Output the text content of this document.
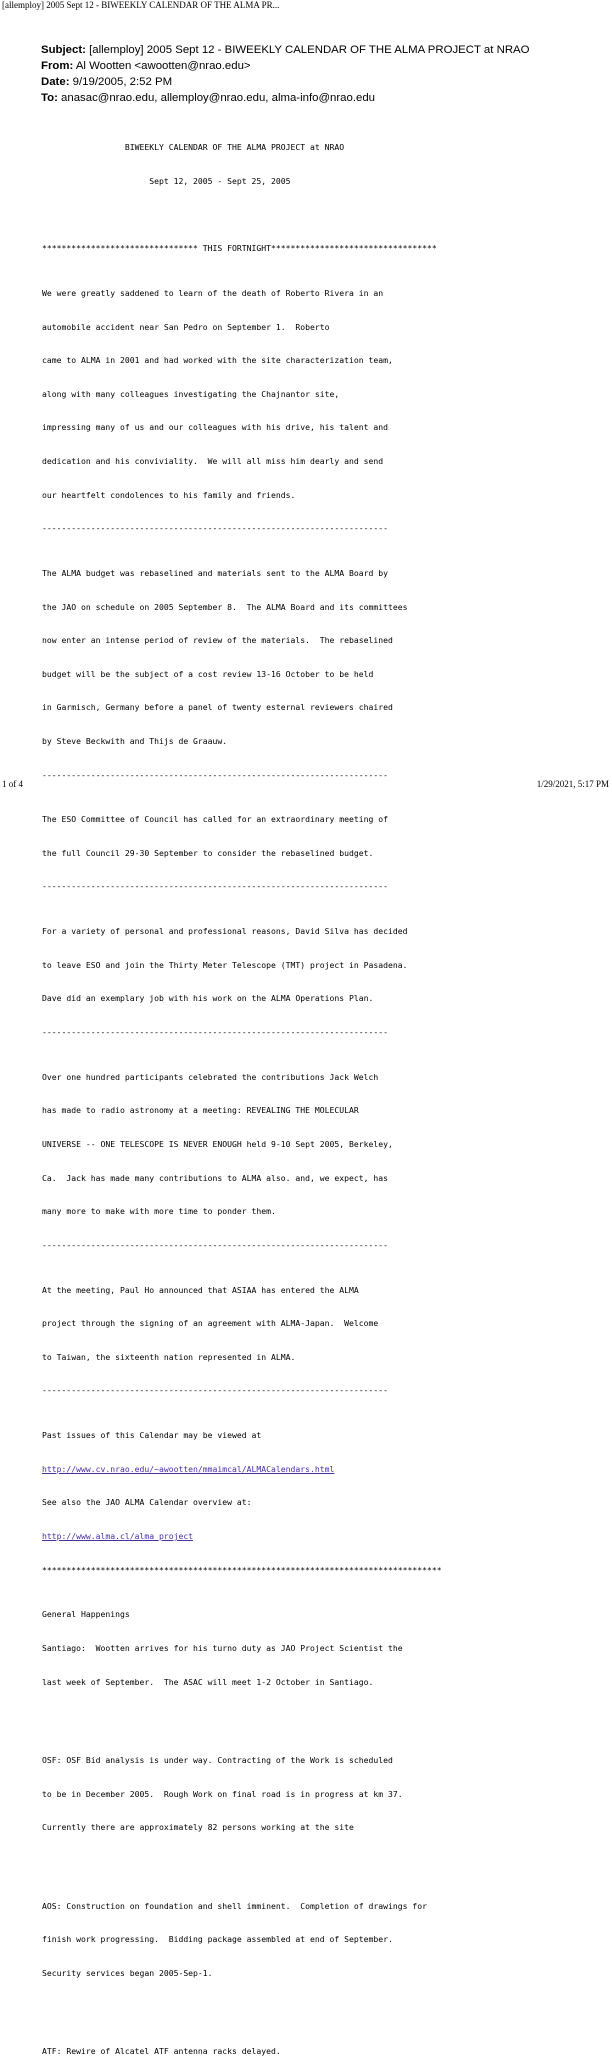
[allemploy] 2005 Sept 12 - BIWEEKLY CALENDAR OF THE ALMA PR...
Subject: [allemploy] 2005 Sept 12 - BIWEEKLY CALENDAR OF THE ALMA PROJECT at NRAO
From: Al Wootten <awootten@nrao.edu>
Date: 9/19/2005, 2:52 PM
To: anasac@nrao.edu, allemploy@nrao.edu, alma-info@nrao.edu

BIWEEKLY CALENDAR OF THE ALMA PROJECT at NRAO

Sept 12, 2005 - Sept 25, 2005

******************************** THIS FORTNIGHT**********************************

We were greatly saddened to learn of the death of Roberto Rivera in an

automobile accident near San Pedro on September 1.  Roberto

came to ALMA in 2001 and had worked with the site characterization team,

along with many colleagues investigating the Chajnantor site,

impressing many of us and our colleagues with his drive, his talent and

dedication and his conviviality.  We will all miss him dearly and send

our heartfelt condolences to his family and friends.

-----------------------------------------------------------------------

The ALMA budget was rebaselined and materials sent to the ALMA Board by

the JAO on schedule on 2005 September 8.  The ALMA Board and its committees

now enter an intense period of review of the materials.  The rebaselined

budget will be the subject of a cost review 13-16 October to be held

in Garmisch, Germany before a panel of twenty esternal reviewers chaired

by Steve Beckwith and Thijs de Graauw.

-----------------------------------------------------------------------

The ESO Committee of Council has called for an extraordinary meeting of

the full Council 29-30 September to consider the rebaselined budget.

-----------------------------------------------------------------------

For a variety of personal and professional reasons, David Silva has decided

to leave ESO and join the Thirty Meter Telescope (TMT) project in Pasadena.

Dave did an exemplary job with his work on the ALMA Operations Plan.

-----------------------------------------------------------------------

Over one hundred participants celebrated the contributions Jack Welch

has made to radio astronomy at a meeting: REVEALING THE MOLECULAR

UNIVERSE -- ONE TELESCOPE IS NEVER ENOUGH held 9-10 Sept 2005, Berkeley,

Ca.  Jack has made many contributions to ALMA also. and, we expect, has

many more to make with more time to ponder them.

-----------------------------------------------------------------------

At the meeting, Paul Ho announced that ASIAA has entered the ALMA

project through the signing of an agreement with ALMA-Japan.  Welcome

to Taiwan, the sixteenth nation represented in ALMA.

-----------------------------------------------------------------------

Past issues of this Calendar may be viewed at

http://www.cv.nrao.edu/~awootten/mmaimcal/ALMACalendars.html

See also the JAO ALMA Calendar overview at:

http://www.alma.cl/alma_project

**********************************************************************************

General Happenings

Santiago:  Wootten arrives for his turno duty as JAO Project Scientist the

last week of September.  The ASAC will meet 1-2 October in Santiago.

OSF: OSF Bid analysis is under way. Contracting of the Work is scheduled

to be in December 2005.  Rough Work on final road is in progress at km 37.

Currently there are approximately 82 persons working at the site

AOS: Construction on foundation and shell imminent.  Completion of drawings for

finish work progressing.  Bidding package assembled at end of September.

Security services began 2005-Sep-1.

ATF: Rewire of Alcatel ATF antenna racks delayed.

1 of 4	1/29/2021, 5:17 PM
